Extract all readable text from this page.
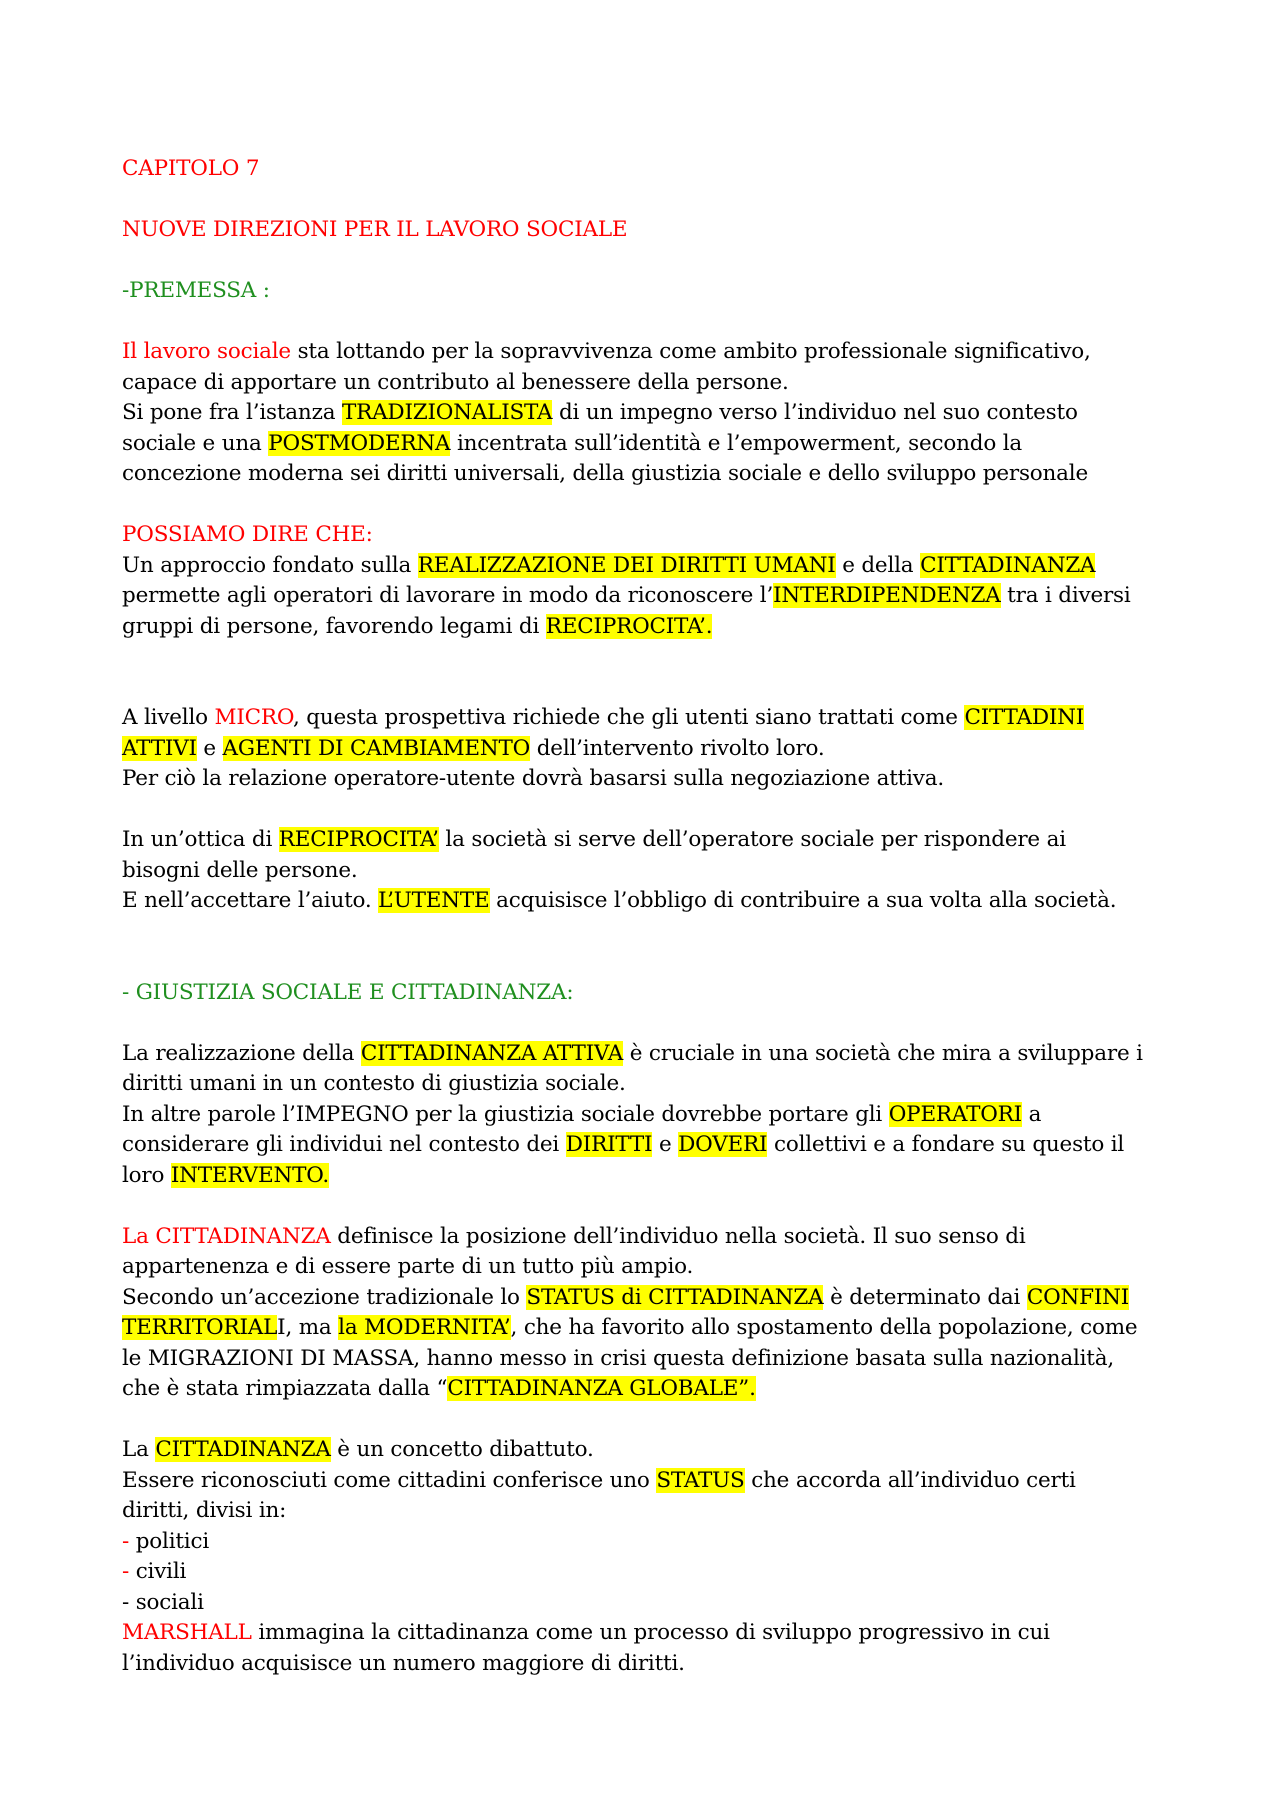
CAPITOLO 7
NUOVE DIREZIONI PER IL LAVORO SOCIALE
-PREMESSA :
Il lavoro sociale sta lottando per la sopravvivenza come ambito professionale significativo,
capace di apportare un contributo al benessere della persone.
Si pone fra l’istanza TRADIZIONALISTA di un impegno verso l’individuo nel suo contesto
sociale e una POSTMODERNA incentrata sull’identità e l’empowerment, secondo la
concezione moderna sei diritti universali, della giustizia sociale e dello sviluppo personale
POSSIAMO DIRE CHE:
Un approccio fondato sulla REALIZZAZIONE DEI DIRITTI UMANI e della CITTADINANZA
permette agli operatori di lavorare in modo da riconoscere l’INTERDIPENDENZA tra i diversi
gruppi di persone, favorendo legami di RECIPROCITA’.
A livello MICRO, questa prospettiva richiede che gli utenti siano trattati come CITTADINI
ATTIVI e AGENTI DI CAMBIAMENTO dell’intervento rivolto loro.
Per ciò la relazione operatore-utente dovrà basarsi sulla negoziazione attiva.
In un’ottica di RECIPROCITA’ la società si serve dell’operatore sociale per rispondere ai
bisogni delle persone.
E nell’accettare l’aiuto. L’UTENTE acquisisce l’obbligo di contribuire a sua volta alla società.
- GIUSTIZIA SOCIALE E CITTADINANZA:
La realizzazione della CITTADINANZA ATTIVA è cruciale in una società che mira a sviluppare i
diritti umani in un contesto di giustizia sociale.
In altre parole l’IMPEGNO per la giustizia sociale dovrebbe portare gli OPERATORI a
considerare gli individui nel contesto dei DIRITTI e DOVERI collettivi e a fondare su questo il
loro INTERVENTO.
La CITTADINANZA definisce la posizione dell’individuo nella società. Il suo senso di
appartenenza e di essere parte di un tutto più ampio.
Secondo un’accezione tradizionale lo STATUS di CITTADINANZA è determinato dai CONFINI
TERRITORIALI, ma la MODERNITA’, che ha favorito allo spostamento della popolazione, come
le MIGRAZIONI DI MASSA, hanno messo in crisi questa definizione basata sulla nazionalità,
che è stata rimpiazzata dalla “CITTADINANZA GLOBALE”.
La CITTADINANZA è un concetto dibattuto.
Essere riconosciuti come cittadini conferisce uno STATUS che accorda all’individuo certi
diritti, divisi in:
- politici
- civili
- sociali
MARSHALL immagina la cittadinanza come un processo di sviluppo progressivo in cui
l’individuo acquisisce un numero maggiore di diritti.
